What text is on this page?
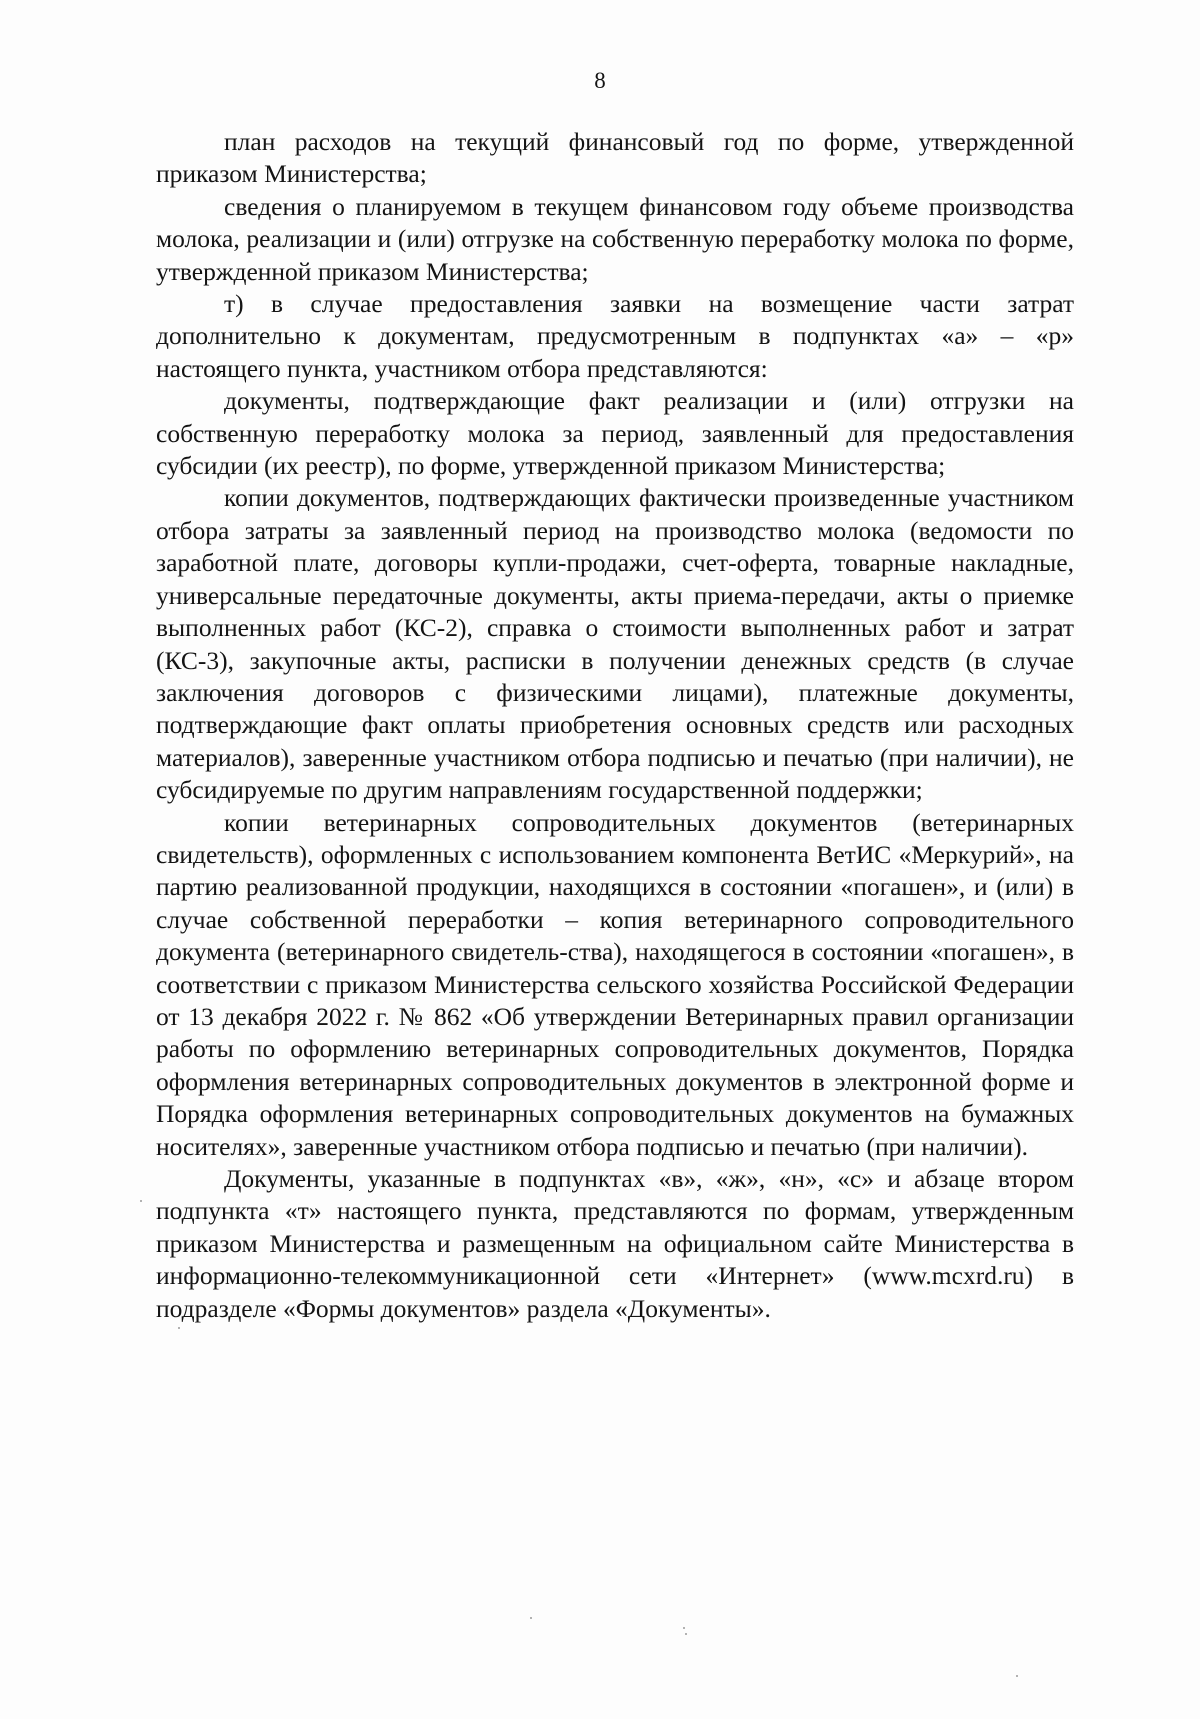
8

план расходов на текущий финансовый год по форме, утвержденной приказом Министерства;

сведения о планируемом в текущем финансовом году объеме производства молока, реализации и (или) отгрузке на собственную переработку молока по форме, утвержденной приказом Министерства;

т) в случае предоставления заявки на возмещение части затрат дополнительно к документам, предусмотренным в подпунктах «а» – «р» настоящего пункта, участником отбора представляются:

документы, подтверждающие факт реализации и (или) отгрузки на собственную переработку молока за период, заявленный для предоставления субсидии (их реестр), по форме, утвержденной приказом Министерства;

копии документов, подтверждающих фактически произведенные участником отбора затраты за заявленный период на производство молока (ведомости по заработной плате, договоры купли-продажи, счет-оферта, товарные накладные, универсальные передаточные документы, акты приема-передачи, акты о приемке выполненных работ (КС-2), справка о стоимости выполненных работ и затрат (КС-3), закупочные акты, расписки в получении денежных средств (в случае заключения договоров с физическими лицами), платежные документы, подтверждающие факт оплаты приобретения основных средств или расходных материалов), заверенные участником отбора подписью и печатью (при наличии), не субсидируемые по другим направлениям государственной поддержки;

копии ветеринарных сопроводительных документов (ветеринарных свидетельств), оформленных с использованием компонента ВетИС «Меркурий», на партию реализованной продукции, находящихся в состоянии «погашен», и (или) в случае собственной переработки – копия ветеринарного сопроводительного документа (ветеринарного свидетель-ства), находящегося в состоянии «погашен», в соответствии с приказом Министерства сельского хозяйства Российской Федерации от 13 декабря 2022 г. № 862 «Об утверждении Ветеринарных правил организации работы по оформлению ветеринарных сопроводительных документов, Порядка оформления ветеринарных сопроводительных документов в электронной форме и Порядка оформления ветеринарных сопроводительных документов на бумажных носителях», заверенные участником отбора подписью и печатью (при наличии).

Документы, указанные в подпунктах «в», «ж», «н», «с» и абзаце втором подпункта «т» настоящего пункта, представляются по формам, утвержденным приказом Министерства и размещенным на официальном сайте Министерства в информационно-телекоммуникационной сети «Интернет» (www.mcxrd.ru) в подразделе «Формы документов» раздела «Документы».
